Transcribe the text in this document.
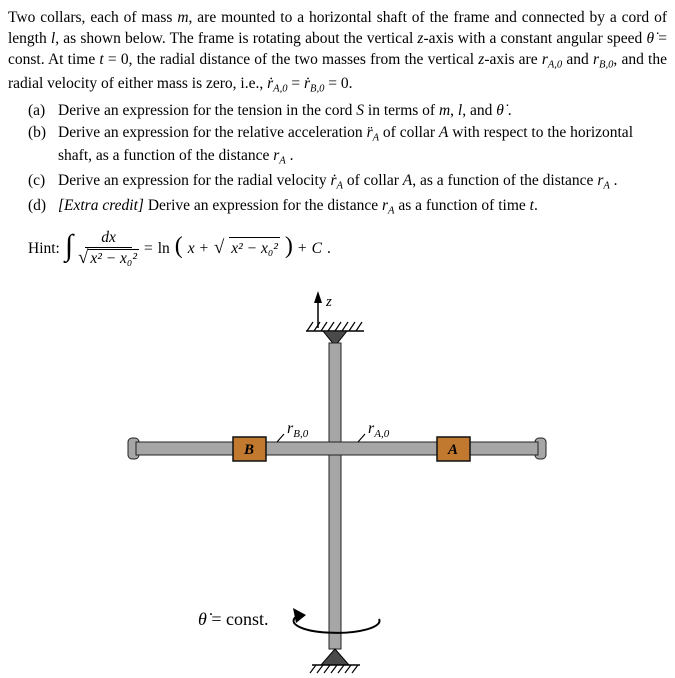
Two collars, each of mass m, are mounted to a horizontal shaft of the frame and connected by a cord of length l, as shown below. The frame is rotating about the vertical z-axis with a constant angular speed θ̇ = const. At time t = 0, the radial distance of the two masses from the vertical z-axis are $r_{A,0}$ and $r_{B,0}$, and the radial velocity of either mass is zero, i.e., ṙ$_{A,0}$ = ṙ$_{B,0}$ = 0.

(a) Derive an expression for the tension in the cord S in terms of m, l, and θ̇ .
(b) Derive an expression for the relative acceleration $r̈_A$ of collar A with respect to the horizontal shaft, as a function of the distance $r_A$ .
(c) Derive an expression for the radial velocity ṙ$_A$ of collar A, as a function of the distance $r_A$ .
(d) [Extra credit] Derive an expression for the distance $r_A$ as a function of time t.
Hint: ∫ $\frac{dx}{\text{√ x² − x₀²}} = \ln$ ( x + √ x² − x₀² ) + C .
z
B	A
$r_{B,0}$	$r_{A,0}$
θ̇ = const.
